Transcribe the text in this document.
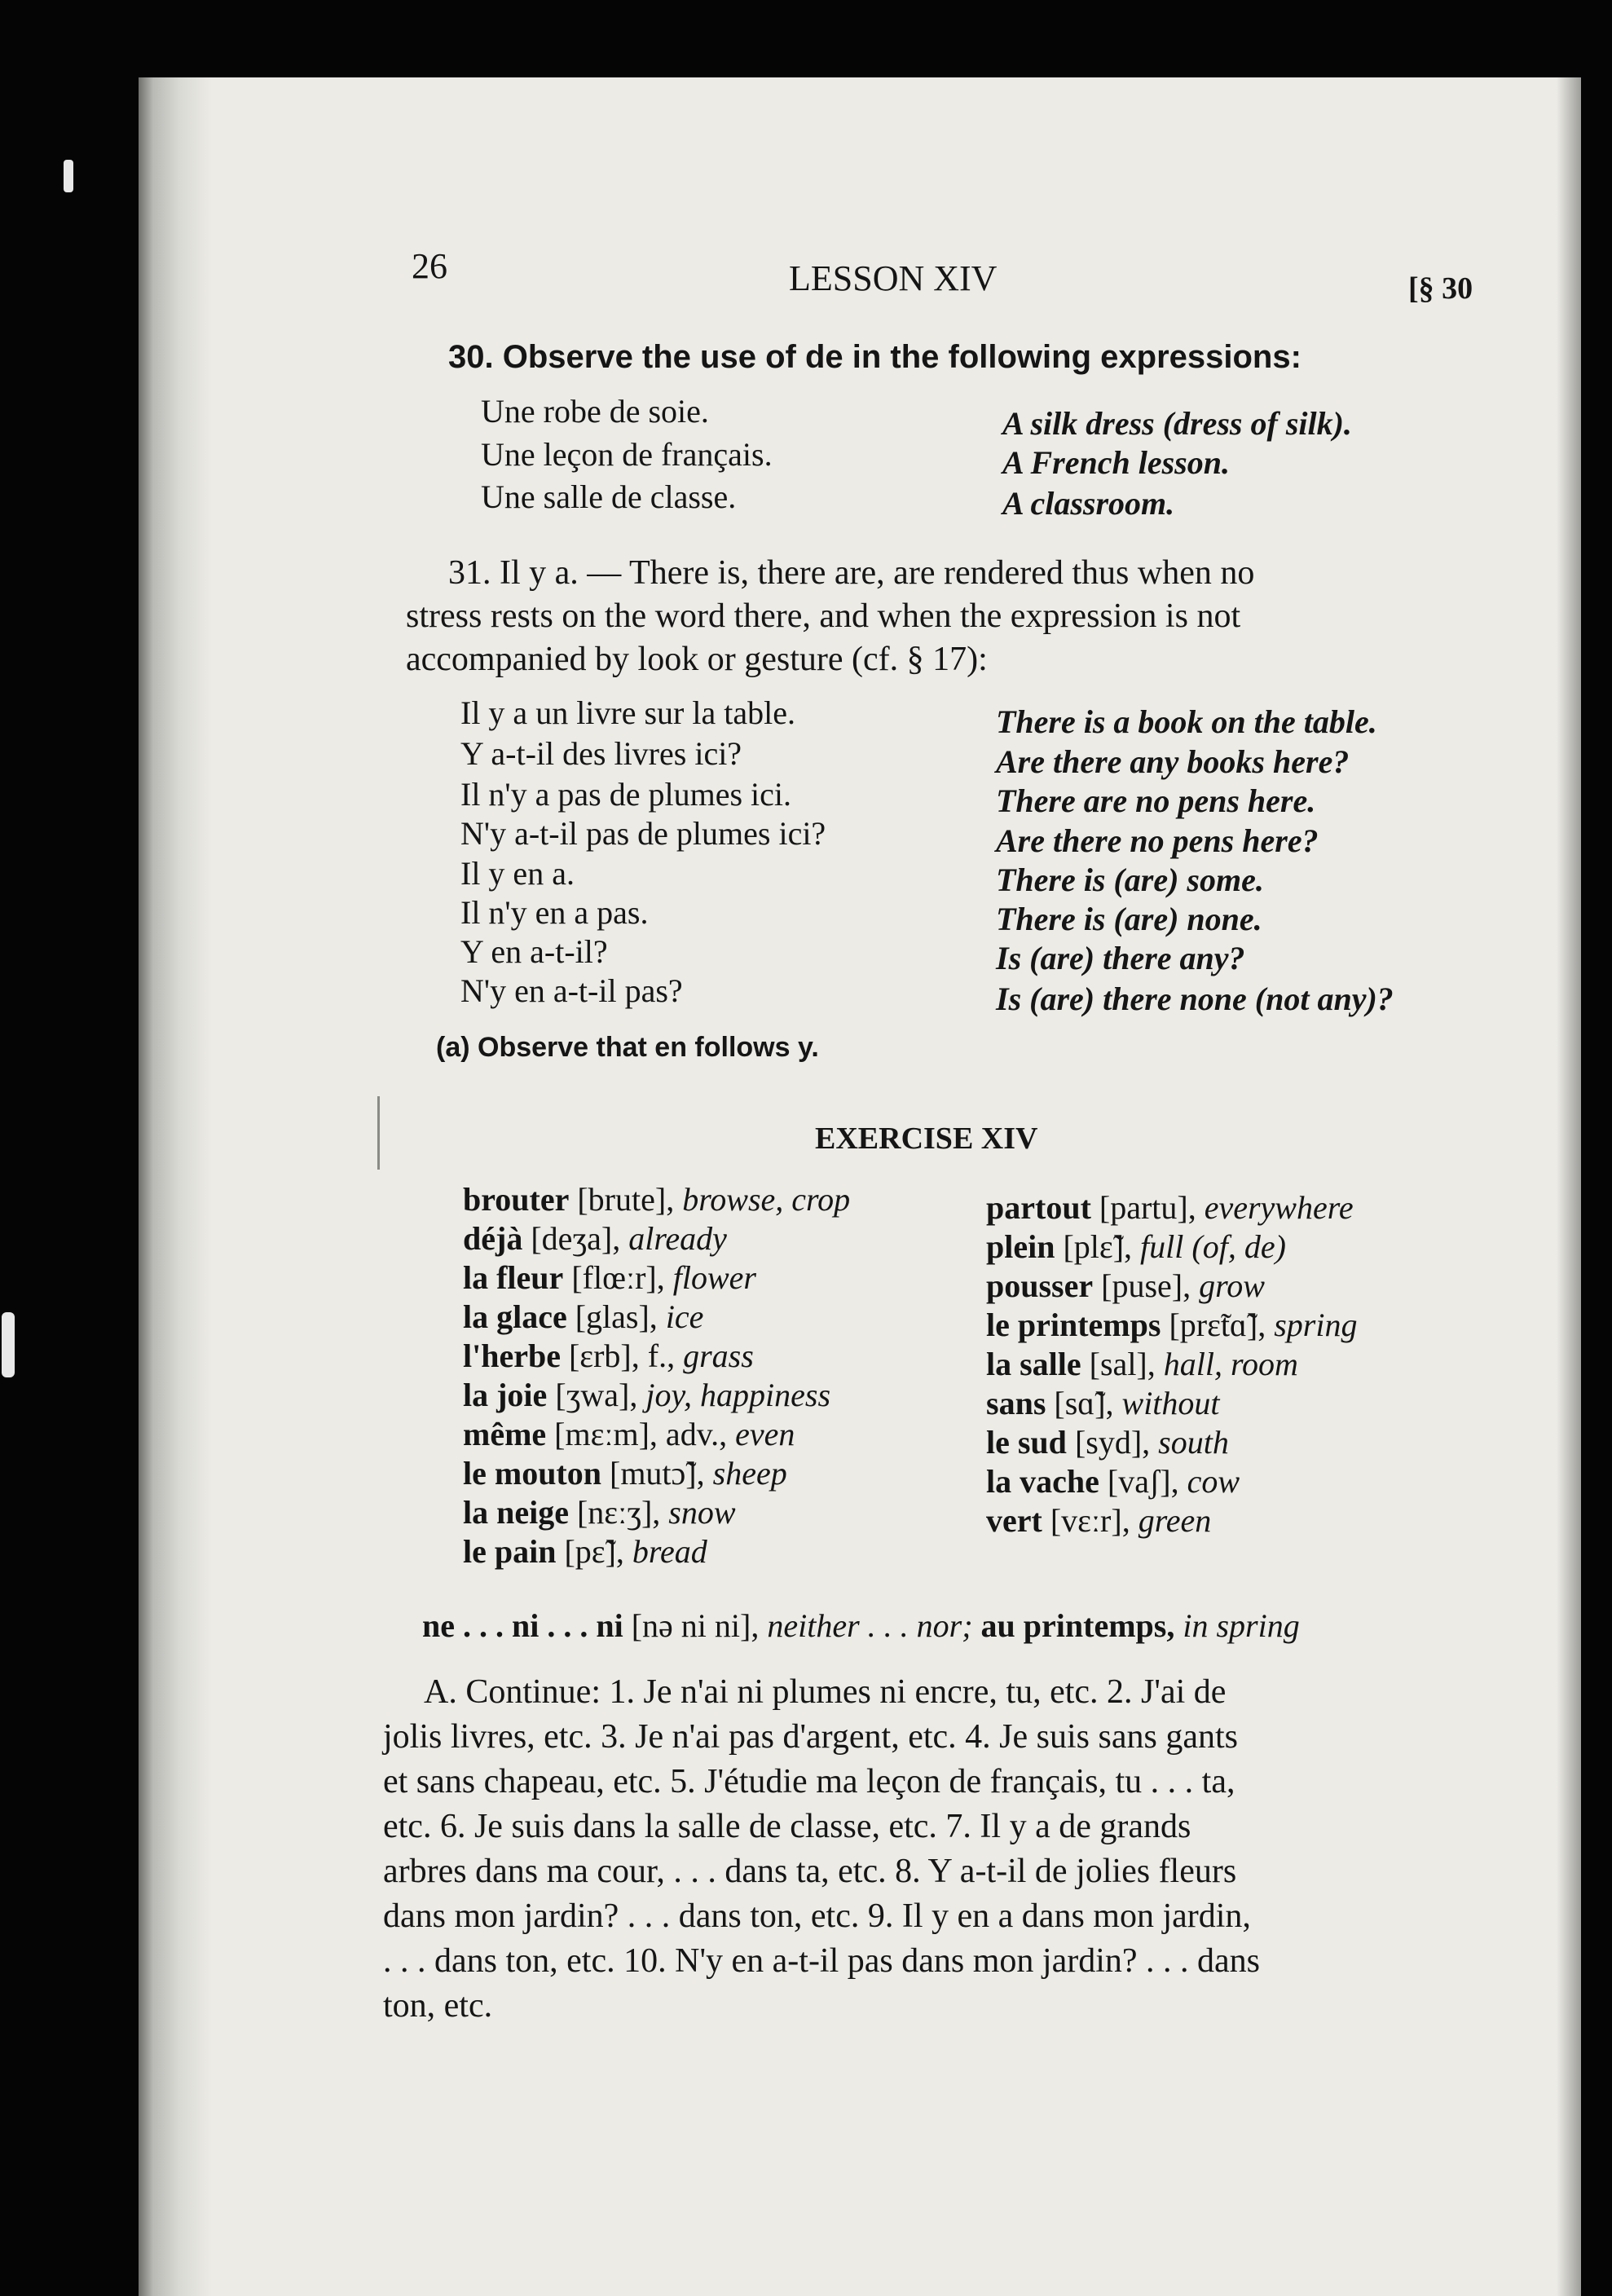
26	LESSON XIV	[§ 30
30. Observe the use of de in the following expressions:
Une robe de soie.	A silk dress (dress of silk).
Une leçon de français.	A French lesson.
Une salle de classe.	A classroom.
31. Il y a. — There is, there are, are rendered thus when no
stress rests on the word there, and when the expression is not
accompanied by look or gesture (cf. § 17):
Il y a un livre sur la table.	There is a book on the table.
Y a-t-il des livres ici?	Are there any books here?
Il n'y a pas de plumes ici.	There are no pens here.
N'y a-t-il pas de plumes ici?	Are there no pens here?
Il y en a.	There is (are) some.
Il n'y en a pas.	There is (are) none.
Y en a-t-il?	Is (are) there any?
N'y en a-t-il pas?	Is (are) there none (not any)?
(a) Observe that en follows y.
EXERCISE XIV
brouter [brute], browse, crop
déjà [deʒa], already
la fleur [flœːr], flower
la glace [glas], ice
l'herbe [ɛrb], f., grass
la joie [ʒwa], joy, happiness
même [mɛːm], adv., even
le mouton [mutɔ̃], sheep
la neige [nɛːʒ], snow
le pain [pɛ̃], bread
partout [partu], everywhere
plein [plɛ̃], full (of, de)
pousser [puse], grow
le printemps [prɛ̃tɑ̃], spring
la salle [sal], hall, room
sans [sɑ̃], without
le sud [syd], south
la vache [vaʃ], cow
vert [vɛːr], green
ne . . . ni . . . ni [nə ni ni], neither . . . nor; au printemps, in spring
A. Continue: 1. Je n'ai ni plumes ni encre, tu, etc. 2. J'ai de
jolis livres, etc. 3. Je n'ai pas d'argent, etc. 4. Je suis sans gants
et sans chapeau, etc. 5. J'étudie ma leçon de français, tu . . . ta,
etc. 6. Je suis dans la salle de classe, etc. 7. Il y a de grands
arbres dans ma cour, . . . dans ta, etc. 8. Y a-t-il de jolies fleurs
dans mon jardin? . . . dans ton, etc. 9. Il y en a dans mon jardin,
. . . dans ton, etc. 10. N'y en a-t-il pas dans mon jardin? . . . dans
ton, etc.
